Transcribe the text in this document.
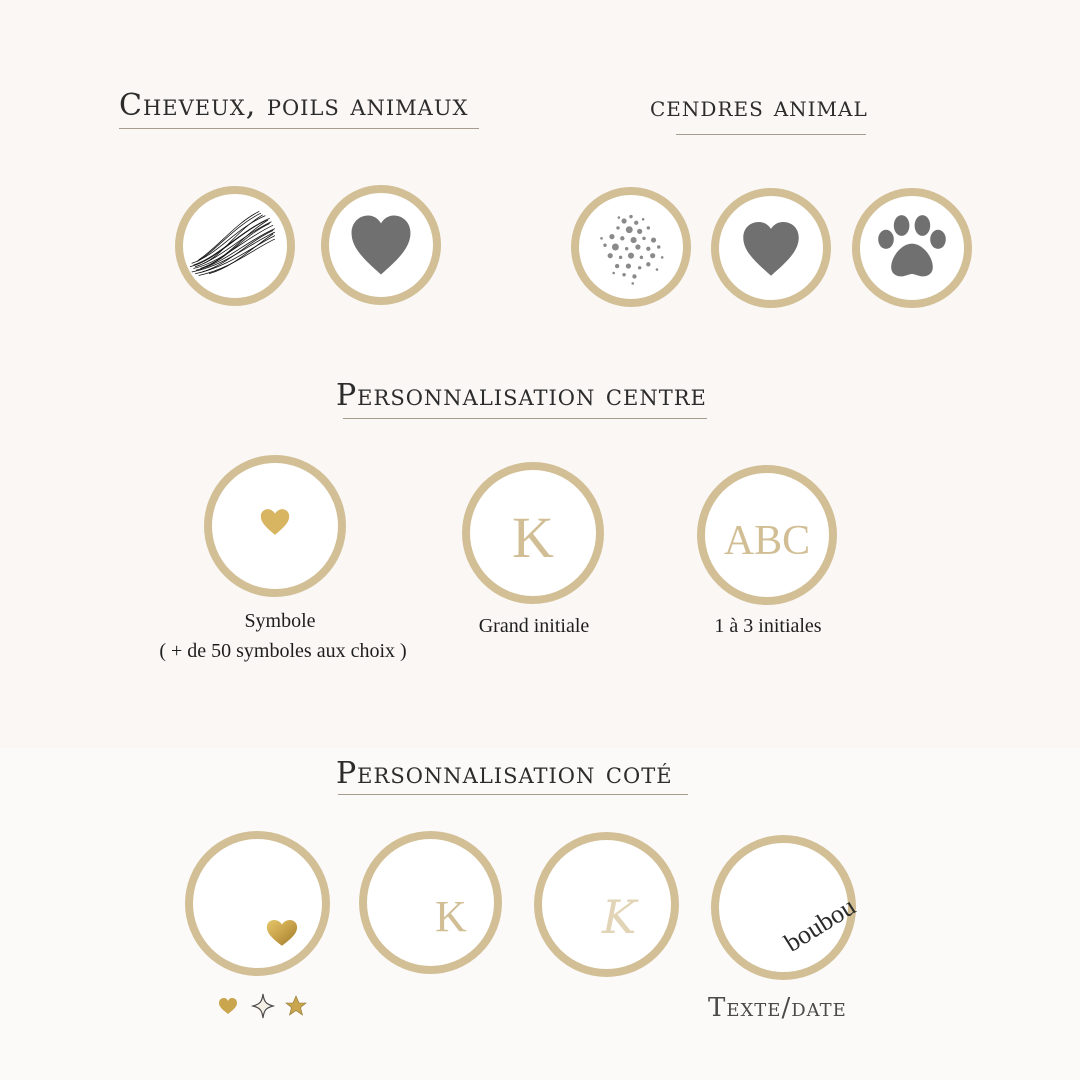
Cheveux, poils animaux	cendres animal
Personnalisation centre
Symbole
( + de 50 symboles aux choix )
K
Grand initiale
ABC
1 à 3 initiales
Personnalisation coté
K	K	boubou
Texte/date
